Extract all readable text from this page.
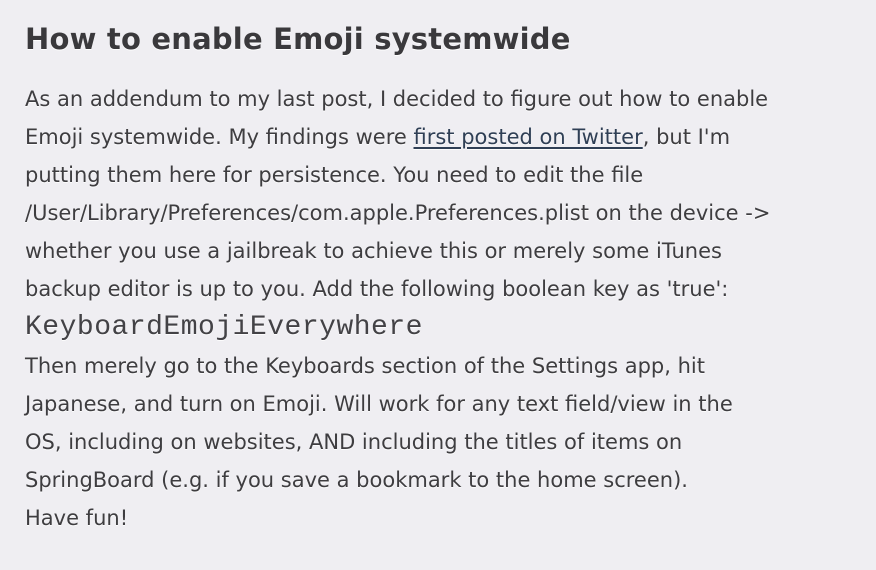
How to enable Emoji systemwide
As an addendum to my last post, I decided to figure out how to enable
Emoji systemwide. My findings were first posted on Twitter, but I'm
putting them here for persistence. You need to edit the file
/User/Library/Preferences/com.apple.Preferences.plist on the device ->
whether you use a jailbreak to achieve this or merely some iTunes
backup editor is up to you. Add the following boolean key as 'true':
KeyboardEmojiEverywhere
Then merely go to the Keyboards section of the Settings app, hit
Japanese, and turn on Emoji. Will work for any text field/view in the
OS, including on websites, AND including the titles of items on
SpringBoard (e.g. if you save a bookmark to the home screen).
Have fun!
